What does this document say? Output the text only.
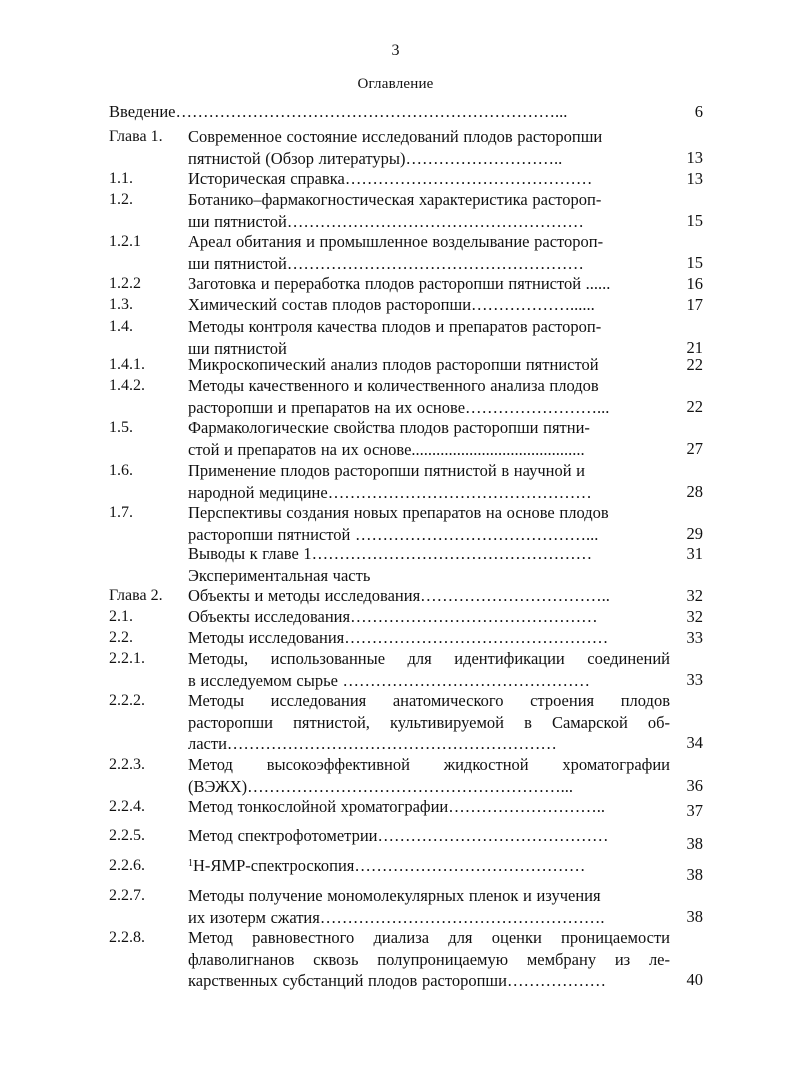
3
Оглавление
Введение……………………………………………………………...	6
Глава 1. Современное состояние исследований плодов расторопши
пятнистой (Обзор литературы)………………………..	13
1.1.	Историческая справка………………………………………	13
1.2.	Ботанико–фармакогностическая характеристика растороп-
ши пятнистой………………………………………………	15
1.2.1	Ареал обитания и промышленное возделывание растороп-
ши пятнистой………………………………………………	15
1.2.2	Заготовка и переработка плодов расторопши пятнистой ......	16
1.3.	Химический состав плодов расторопши………………......	17
1.4.	Методы контроля качества плодов и препаратов растороп-
ши пятнистой	21
1.4.1.	Микроскопический анализ плодов расторопши пятнистой	22
1.4.2.	Методы качественного и количественного анализа плодов
расторопши и препаратов на их основе……………………...	22
1.5.	Фармакологические свойства плодов расторопши пятни-
стой и препаратов на их основе..........................................	27
1.6.	Применение плодов расторопши пятнистой в научной и
народной медицине…………………………………………	28
1.7.	Перспективы создания новых препаратов на основе плодов
расторопши пятнистой ……………………………………...	29
Выводы к главе 1……………………………………………	31
Экспериментальная часть
Глава 2. Объекты и методы исследования……………………………..	32
2.1.	Объекты исследования………………………………………	32
2.2.	Методы исследования…………………………………………	33
2.2.1.	Методы, использованные для идентификации соединений
в исследуемом сырье ………………………………………	33
2.2.2.	Методы исследования анатомического строения плодов
расторопши пятнистой, культивируемой в Самарской об-
ласти……………………………………………………	34
2.2.3.	Метод высокоэффективной жидкостной хроматографии
(ВЭЖХ)…………………………………………………...	36
2.2.4.	Метод тонкослойной хроматографии………………………..	37
2.2.5.	Метод спектрофотометрии……………………………………	38
2.2.6.	$^1$H-ЯМР-спектроскопия……………………………………	38
2.2.7.	Методы получение мономолекулярных пленок и изучения
их изотерм сжатия…………………………………………….	38
2.2.8.	Метод равновестного диализа для оценки проницаемости
флаволигнанов сквозь полупроницаемую мембрану из ле-
карственных субстанций плодов расторопши………………	40
